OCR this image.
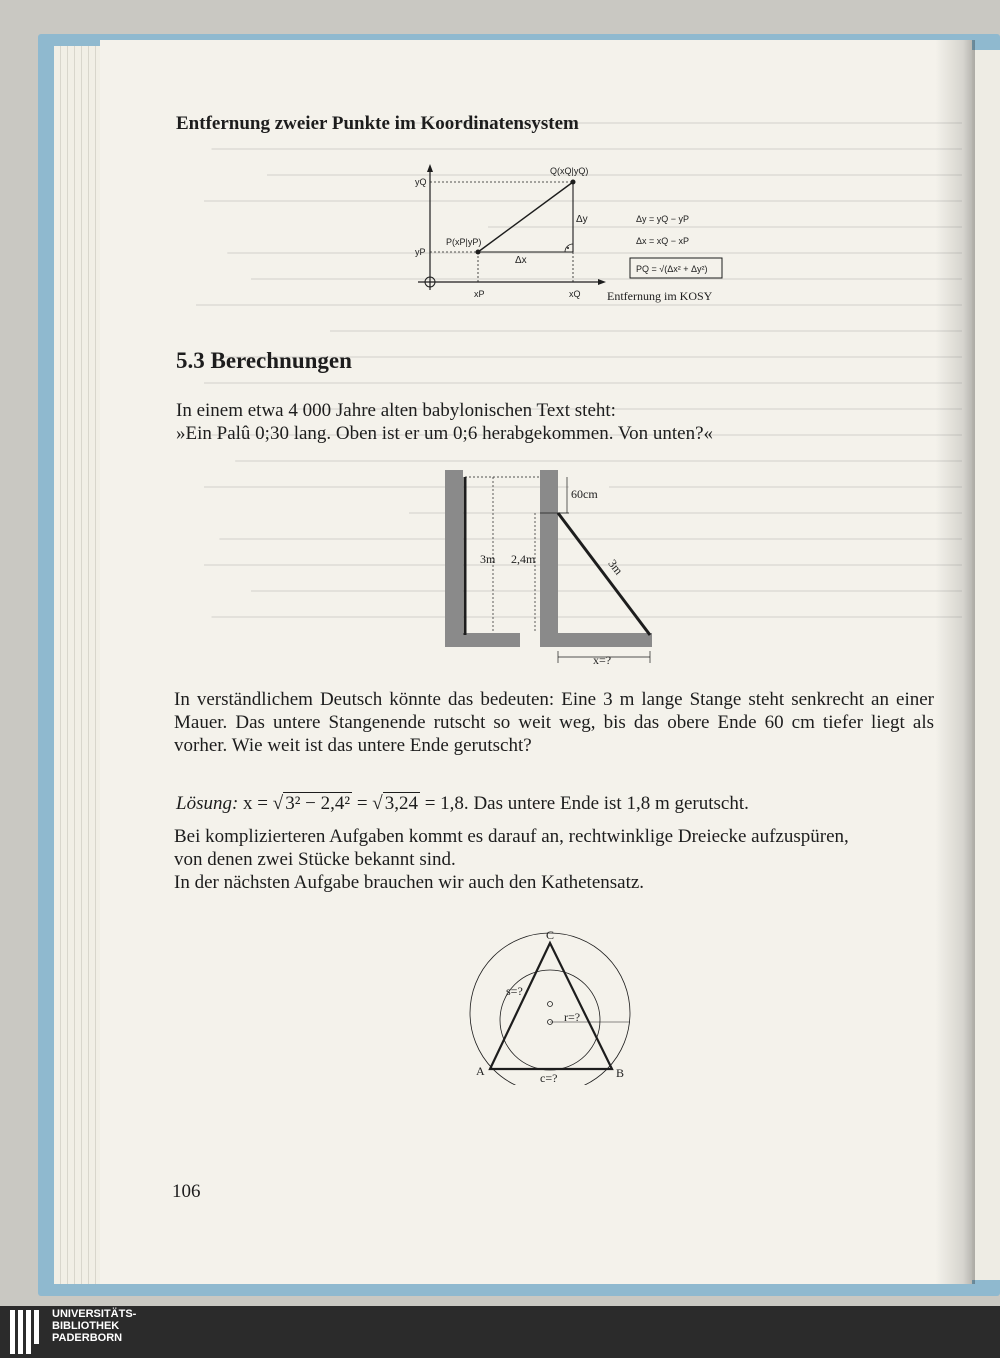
Entfernung zweier Punkte im Koordinatensystem
yQ
yP
xP	xQ
Q(xQ|yQ)
P(xP|yP)
Δx
Δy	Δy = yQ − yP
Δx = xQ − xP
PQ = √(Δx² + Δy²)
Entfernung im KOSY
5.3 Berechnungen
In einem etwa 4 000 Jahre alten babylonischen Text steht:
»Ein Palû 0;30 lang. Oben ist er um 0;6 herabgekommen. Von unten?«
60cm
3m 2,4m	3m
x=?
In verständlichem Deutsch könnte das bedeuten: Eine 3 m lange Stange steht senkrecht an einer Mauer. Das untere Stangenende rutscht so weit weg, bis das obere Ende 60 cm tiefer liegt als vorher. Wie weit ist das untere Ende gerutscht?
Lösung: x = √ 3² − 2,4² = √ 3,24 = 1,8. Das untere Ende ist 1,8 m gerutscht.
Bei komplizierteren Aufgaben kommt es darauf an, rechtwinklige Dreiecke aufzuspüren,
von denen zwei Stücke bekannt sind.
In der nächsten Aufgabe brauchen wir auch den Kathetensatz.
C
A	B
s=?
r=?
c=?
106
UNIVERSITÄTS-
BIBLIOTHEK
PADERBORN
